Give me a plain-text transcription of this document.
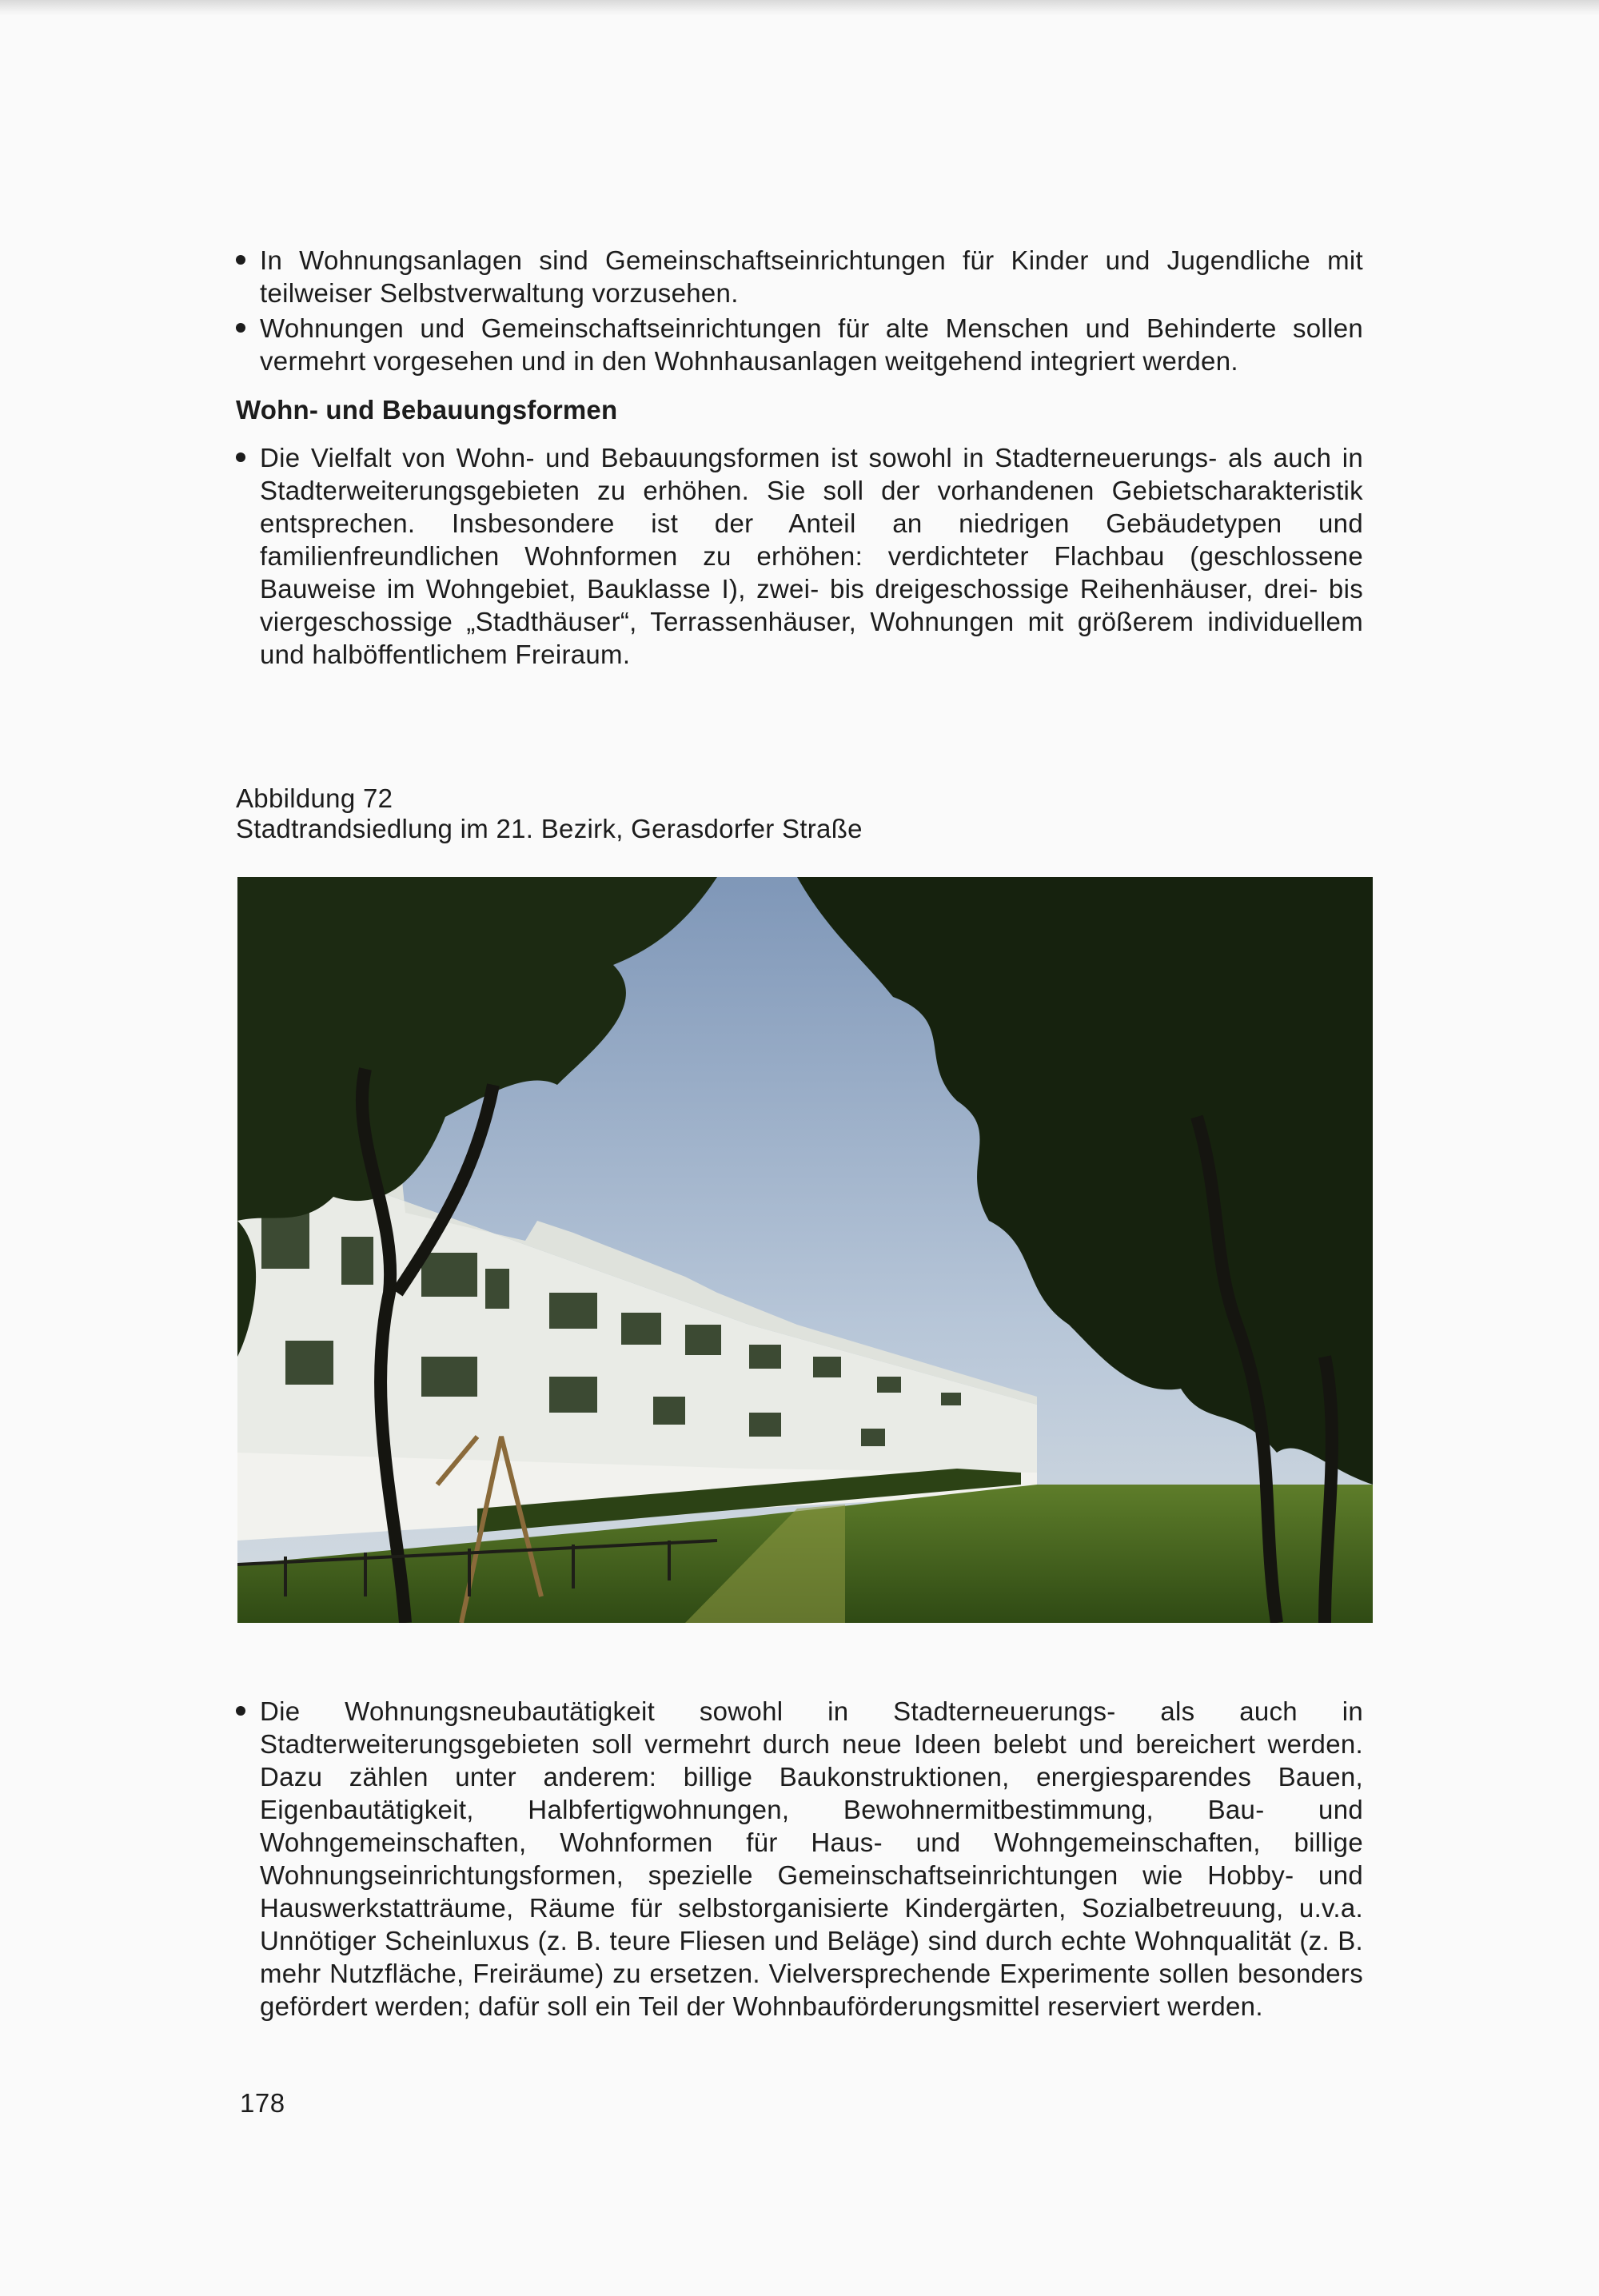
In Wohnungsanlagen sind Gemeinschaftseinrichtungen für Kinder und Jugendliche mit teilweiser Selbstverwaltung vorzusehen.
Wohnungen und Gemeinschaftseinrichtungen für alte Menschen und Behinderte sollen vermehrt vorgesehen und in den Wohnhausanlagen weitgehend integriert werden.
Wohn- und Bebauungsformen
Die Vielfalt von Wohn- und Bebauungsformen ist sowohl in Stadterneuerungs- als auch in Stadterweiterungsgebieten zu erhöhen. Sie soll der vorhandenen Gebietscharakteristik entsprechen. Insbesondere ist der Anteil an niedrigen Gebäudetypen und familienfreundlichen Wohnformen zu erhöhen: verdichteter Flachbau (geschlossene Bauweise im Wohngebiet, Bauklasse I), zwei- bis dreigeschossige Reihenhäuser, drei- bis viergeschossige „Stadthäuser“, Terrassenhäuser, Wohnungen mit größerem individuellem und halböffentlichem Freiraum.
Abbildung 72
Stadtrandsiedlung im 21. Bezirk, Gerasdorfer Straße
Die Wohnungsneubautätigkeit sowohl in Stadterneuerungs- als auch in Stadterweiterungsgebieten soll vermehrt durch neue Ideen belebt und bereichert werden. Dazu zählen unter anderem: billige Baukonstruktionen, energiesparendes Bauen, Eigenbautätigkeit, Halbfertigwohnungen, Bewohnermitbestimmung, Bau- und Wohngemeinschaften, Wohnformen für Haus- und Wohngemeinschaften, billige Wohnungseinrichtungsformen, spezielle Gemeinschaftseinrichtungen wie Hobby- und Hauswerkstatträume, Räume für selbstorganisierte Kindergärten, Sozialbetreuung, u.v.a. Unnötiger Scheinluxus (z. B. teure Fliesen und Beläge) sind durch echte Wohnqualität (z. B. mehr Nutzfläche, Freiräume) zu ersetzen. Vielversprechende Experimente sollen besonders gefördert werden; dafür soll ein Teil der Wohnbauförderungsmittel reserviert werden.
178
